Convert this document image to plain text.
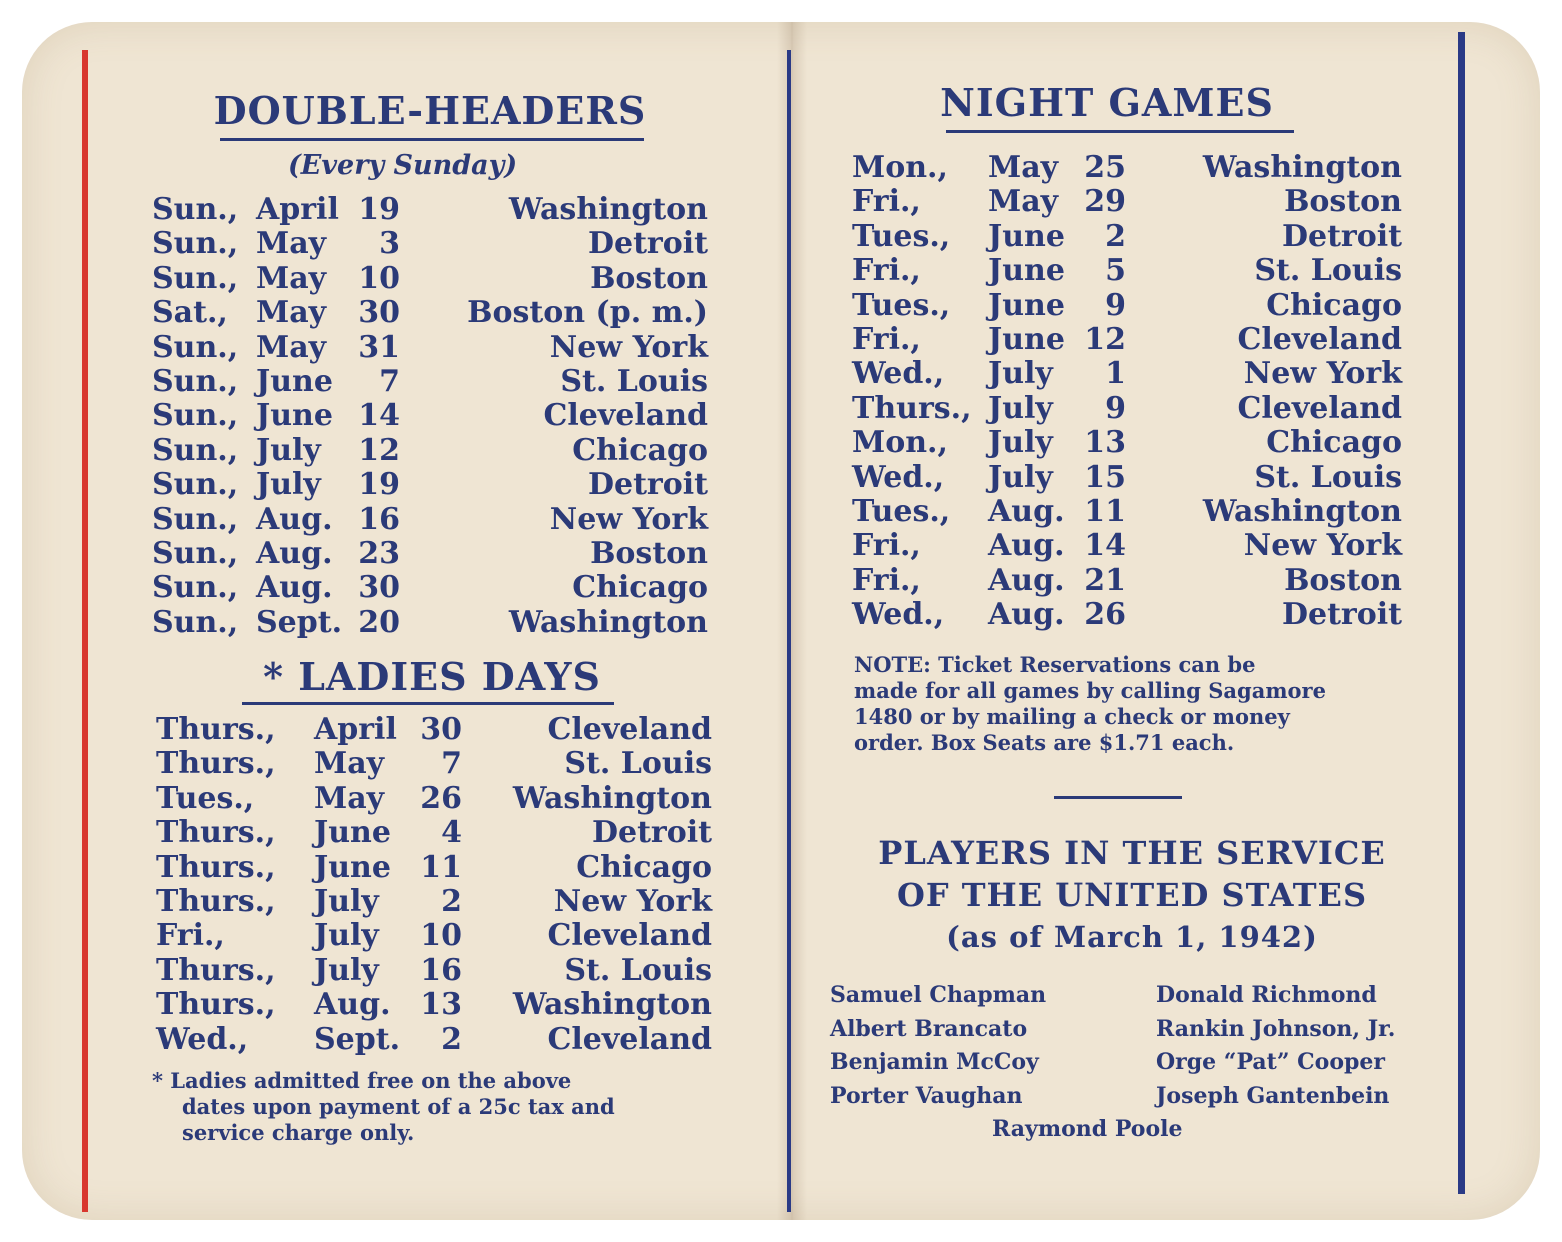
DOUBLE-HEADERS
(Every Sunday)
Sun., April 19	Washington
Sun., May 3	Detroit
Sun., May 10	Boston
Sat., May 30 Boston (p. m.)
Sun., May 31	New York
Sun., June 7	St. Louis
Sun., June 14	Cleveland
Sun., July 12	Chicago
Sun., July 19	Detroit
Sun., Aug. 16	New York
Sun., Aug. 23	Boston
Sun., Aug. 30	Chicago
Sun., Sept. 20	Washington
* LADIES DAYS
Thurs., April 30	Cleveland
Thurs., May 7	St. Louis
Tues., May 26 Washington
Thurs., June 4	Detroit
Thurs., June 11	Chicago
Thurs., July 2	New York
Fri.,	July 10	Cleveland
Thurs., July 16	St. Louis
Thurs., Aug. 13 Washington
Wed., Sept. 2	Cleveland
* Ladies admitted free on the above
dates upon payment of a 25c tax and
service charge only.
NIGHT GAMES
Mon., May 25	Washington
Fri., May 29	Boston
Tues., June 2	Detroit
Fri., June 5	St. Louis
Tues., June 9	Chicago
Fri., June 12	Cleveland
Wed., July 1	New York
Thurs., July 9	Cleveland
Mon., July 13	Chicago
Wed., July 15	St. Louis
Tues., Aug. 11	Washington
Fri., Aug. 14	New York
Fri., Aug. 21	Boston
Wed., Aug. 26	Detroit
NOTE: Ticket Reservations can be
made for all games by calling Sagamore
1480 or by mailing a check or money
order. Box Seats are $1.71 each.
PLAYERS IN THE SERVICE
OF THE UNITED STATES
(as of March 1, 1942)
Samuel Chapman
Albert Brancato
Benjamin McCoy
Porter Vaughan
Donald Richmond
Rankin Johnson, Jr.
Orge “Pat” Cooper
Joseph Gantenbein
Raymond Poole
